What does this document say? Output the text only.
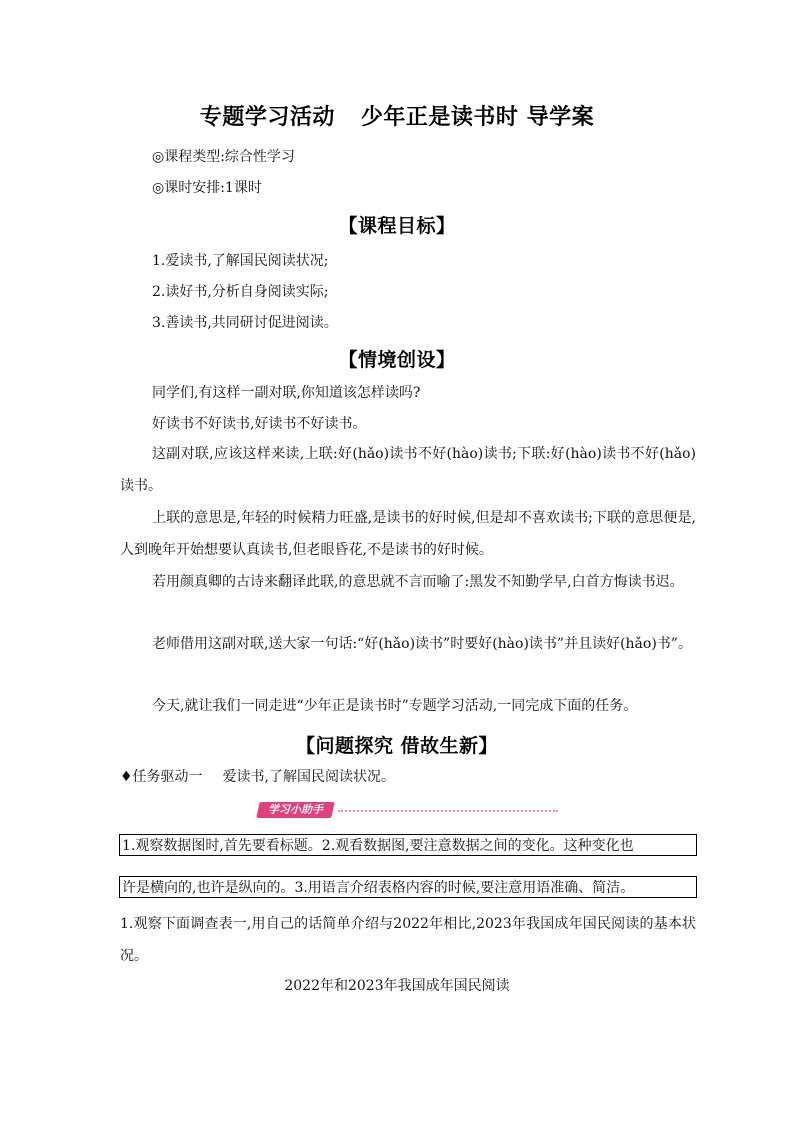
专题学习活动 少年正是读书时 导学案
◎课程类型:综合性学习
◎课时安排:1课时
【课程目标】
1.爱读书,了解国民阅读状况;
2.读好书,分析自身阅读实际;
3.善读书,共同研讨促进阅读。
【情境创设】
同学们,有这样一副对联,你知道该怎样读吗?
好读书不好读书,好读书不好读书。
这副对联,应该这样来读,上联:好(hǎo)读书不好(hào)读书;下联:好(hào)读书不好(hǎo)读书。
上联的意思是,年轻的时候精力旺盛,是读书的好时候,但是却不喜欢读书;下联的意思便是,人到晚年开始想要认真读书,但老眼昏花,不是读书的好时候。
若用颜真卿的古诗来翻译此联,的意思就不言而喻了:黑发不知勤学早,白首方悔读书迟。
老师借用这副对联,送大家一句话:“好(hǎo)读书”时要好(hào)读书”并且读好(hǎo)书”。
今天,就让我们一同走进“少年正是读书时”专题学习活动,一同完成下面的任务。
【问题探究 借故生新】
♦任务驱动一 爱读书,了解国民阅读状况。
学习小助手
1.观察数据图时,首先要看标题。2.观看数据图,要注意数据之间的变化。这种变化也
许是横向的,也许是纵向的。3.用语言介绍表格内容的时候,要注意用语准确、简洁。
1.观察下面调查表一,用自己的话简单介绍与2022年相比,2023年我国成年国民阅读的基本状况。
2022年和2023年我国成年国民阅读
